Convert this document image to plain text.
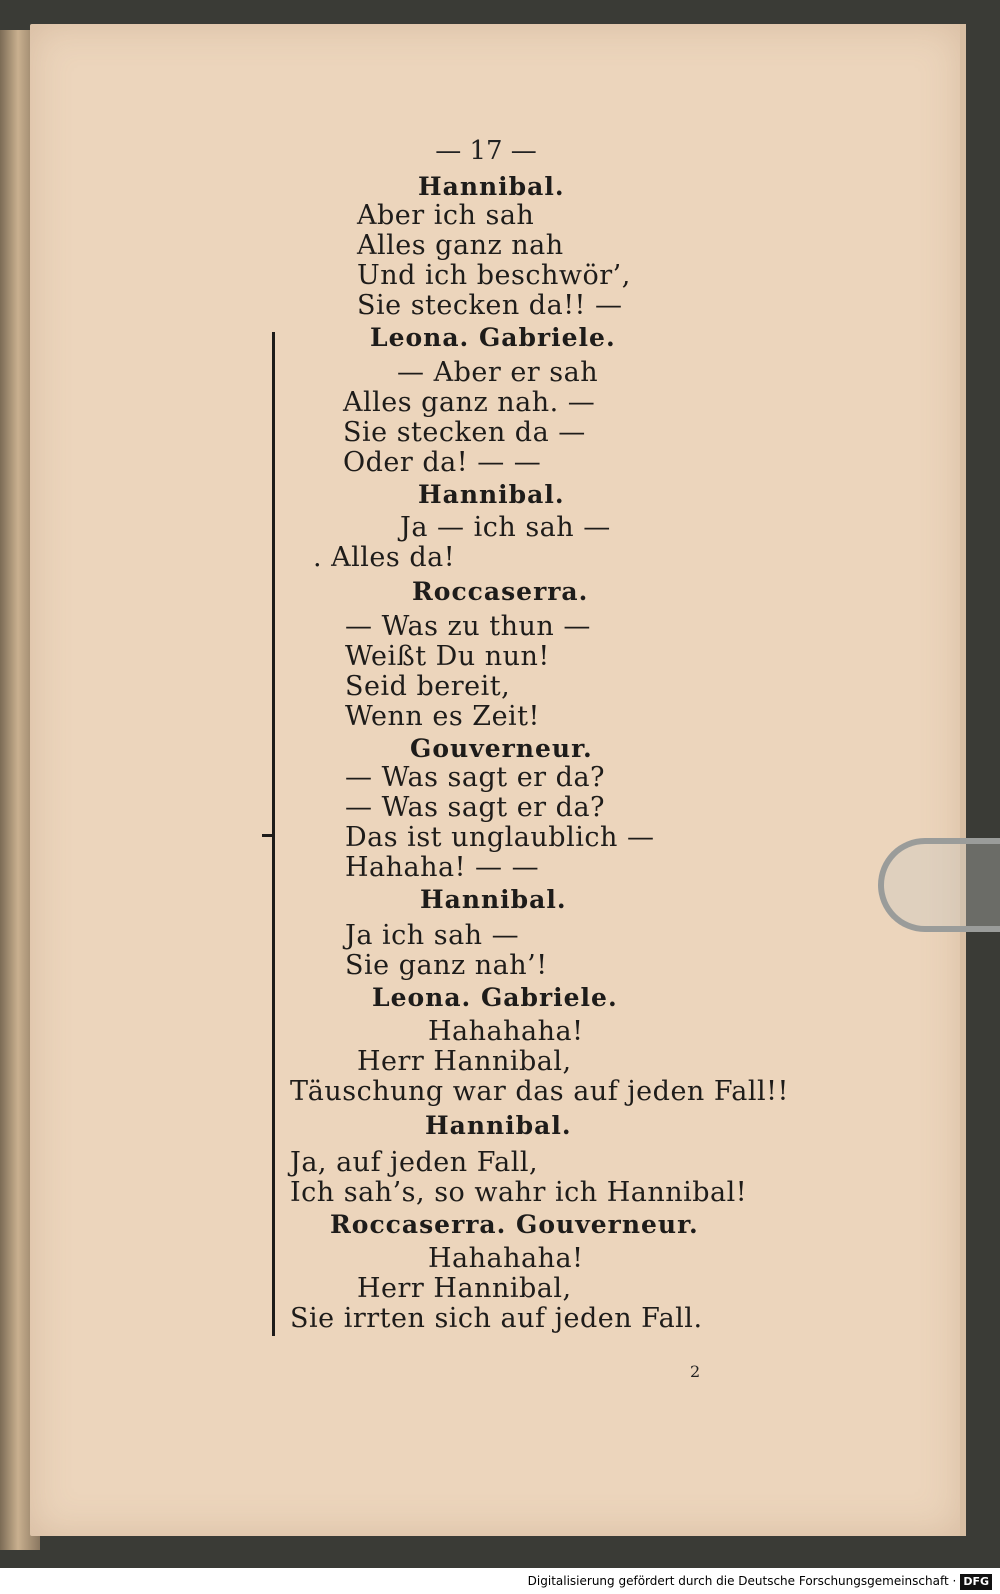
— 17 —
Hannibal.
Aber ich sah
Alles ganz nah
Und ich beschwör’,
Sie stecken da!! —
Leona. Gabriele.
— Aber er sah
Alles ganz nah. —
Sie stecken da —
Oder da! — —
Hannibal.
Ja — ich sah —
. Alles da!
Roccaserra.
— Was zu thun —
Weißt Du nun!
Seid bereit,
Wenn es Zeit!
Gouverneur.
— Was sagt er da?
— Was sagt er da?
Das ist unglaublich —
Hahaha! — —
Hannibal.
Ja ich sah —
Sie ganz nah’!
Leona. Gabriele.
Hahahaha!
Herr Hannibal,
Täuschung war das auf jeden Fall!!
Hannibal.
Ja, auf jeden Fall,
Ich sah’s, so wahr ich Hannibal!
Roccaserra. Gouverneur.
Hahahaha!
Herr Hannibal,
Sie irrten sich auf jeden Fall.
2
Digitalisierung gefördert durch die Deutsche Forschungsgemeinschaft · DFG
